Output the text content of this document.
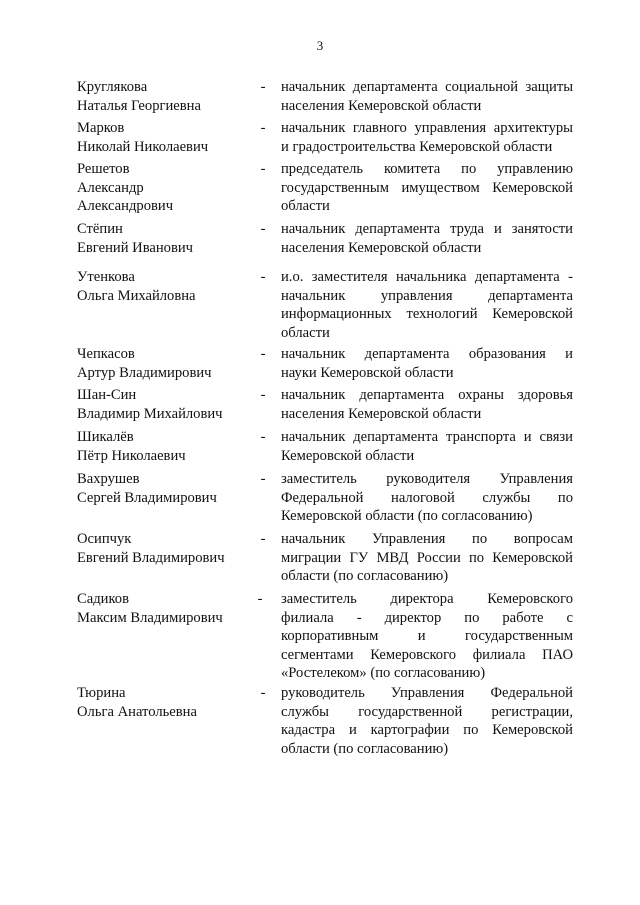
3
Круглякова
Наталья Георгиевна
- начальник департамента социальной защиты
населения Кемеровской области
Марков
Николай Николаевич
- начальник главного управления архитектуры
и градостроительства Кемеровской области
Решетов
Александр
Александрович
- председатель комитета по управлению
государственным имуществом Кемеровской
области
Стёпин
Евгений Иванович
- начальник департамента труда и занятости
населения Кемеровской области
Утенкова
Ольга Михайловна
- и.о. заместителя начальника департамента -
начальник управления департамента
информационных технологий Кемеровской
области
Чепкасов
Артур Владимирович
- начальник департамента образования и
науки Кемеровской области
Шан-Син
Владимир Михайлович
- начальник департамента охраны здоровья
населения Кемеровской области
Шикалёв
Пётр Николаевич
- начальник департамента транспорта и связи
Кемеровской области
Вахрушев
Сергей Владимирович
- заместитель руководителя Управления
Федеральной налоговой службы по
Кемеровской области (по согласованию)
Осипчук
Евгений Владимирович
- начальник Управления по вопросам
миграции ГУ МВД России по Кемеровской
области (по согласованию)
Садиков
Максим Владимирович
- заместитель директора Кемеровского
филиала - директор по работе с
корпоративным и государственным
сегментами Кемеровского филиала ПАО
«Ростелеком» (по согласованию)
Тюрина
Ольга Анатольевна
- руководитель Управления Федеральной
службы государственной регистрации,
кадастра и картографии по Кемеровской
области (по согласованию)
